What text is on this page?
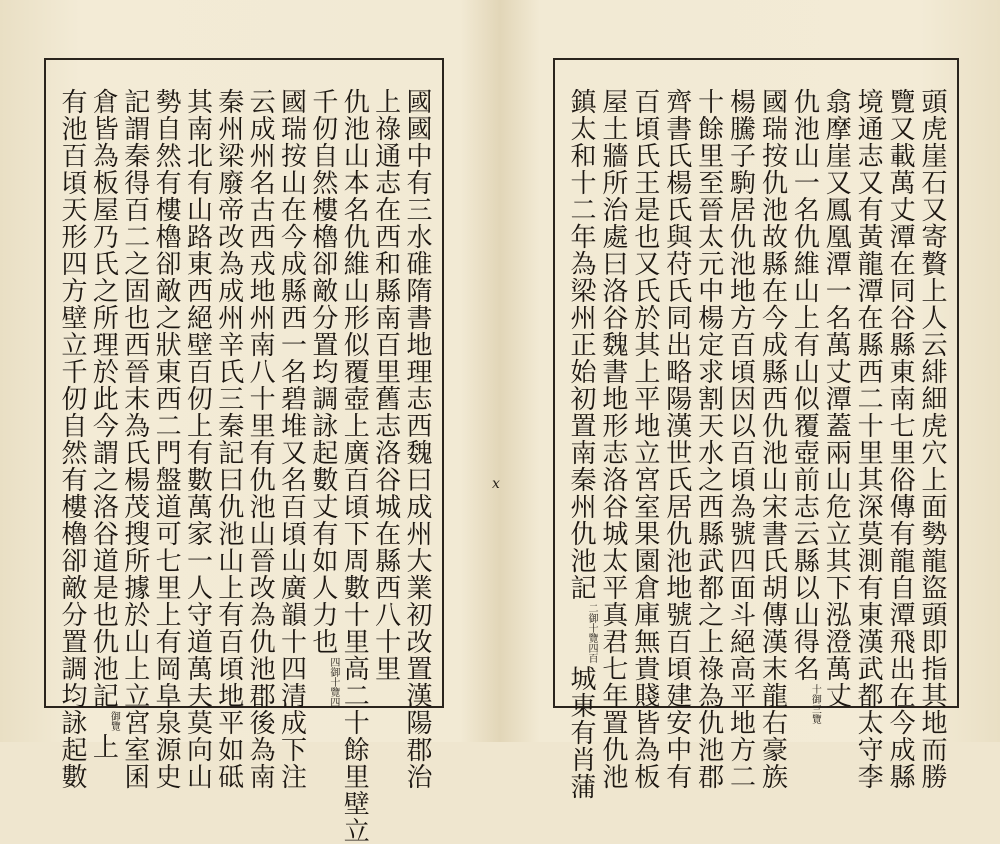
國國中有三水碓隋書地理志西魏曰成州大業初改置漢陽郡治
上祿通志在西和縣南百里舊志洛谷城在縣西八十里
仇池山本名仇維山形似覆壺上廣百頃下周數十里高二十餘里壁立
千仞自然樓櫓卻敵分置均調詠起數丈有如人力也四御十覽四
國瑞按山在今成縣西一名碧堆又名百頃山廣韻十四清成下注
云成州名古西戎地州南八十里有仇池山晉改為仇池郡後為南
秦州梁廢帝改為成州辛氏三秦記曰仇池山上有百頃地平如砥
其南北有山路東西絕壁百仞上有數萬家一人守道萬夫莫向山
勢自然有樓櫓卻敵之狀東西二門盤道可七里上有岡阜泉源史
記謂秦得百二之固也西晉末為氏楊茂搜所據於山上立宮室囷
倉皆為板屋乃氏之所理於此今謂之洛谷道是也仇池記御覽上
有池百頃天形四方壁立千仞自然有樓櫓卻敵分置調均詠起數	x	頭虎崖石又寄贅上人云緋細虎穴上面勢龍盜頭即指其地而勝
覽又載萬丈潭在同谷縣東南七里俗傳有龍自潭飛出在今成縣
境通志又有黃龍潭在縣西二十里其深莫測有東漢武都太守李
翕摩崖又鳳凰潭一名萬丈潭蓋兩山危立其下泓澄萬丈
仇池山一名仇維山上有山似覆壺前志云縣以山得名十御三覽
國瑞按仇池故縣在今成縣西仇池山宋書氏胡傳漢末龍右豪族
楊騰子駒居仇池地方百頃因以百頃為號四面斗絕高平地方二
十餘里至晉太元中楊定求割天水之西縣武都之上祿為仇池郡
齊書氏楊氏與苻氏同出略陽漢世氏居仇池地號百頃建安中有
百頃氏王是也又氏於其上平地立宮室果園倉庫無貴賤皆為板
屋土牆所治處曰洛谷魏書地形志洛谷城太平真君七年置仇池
鎮太和十二年為梁州正始初置南秦州仇池記二御十覽四百城東有肖蒲
